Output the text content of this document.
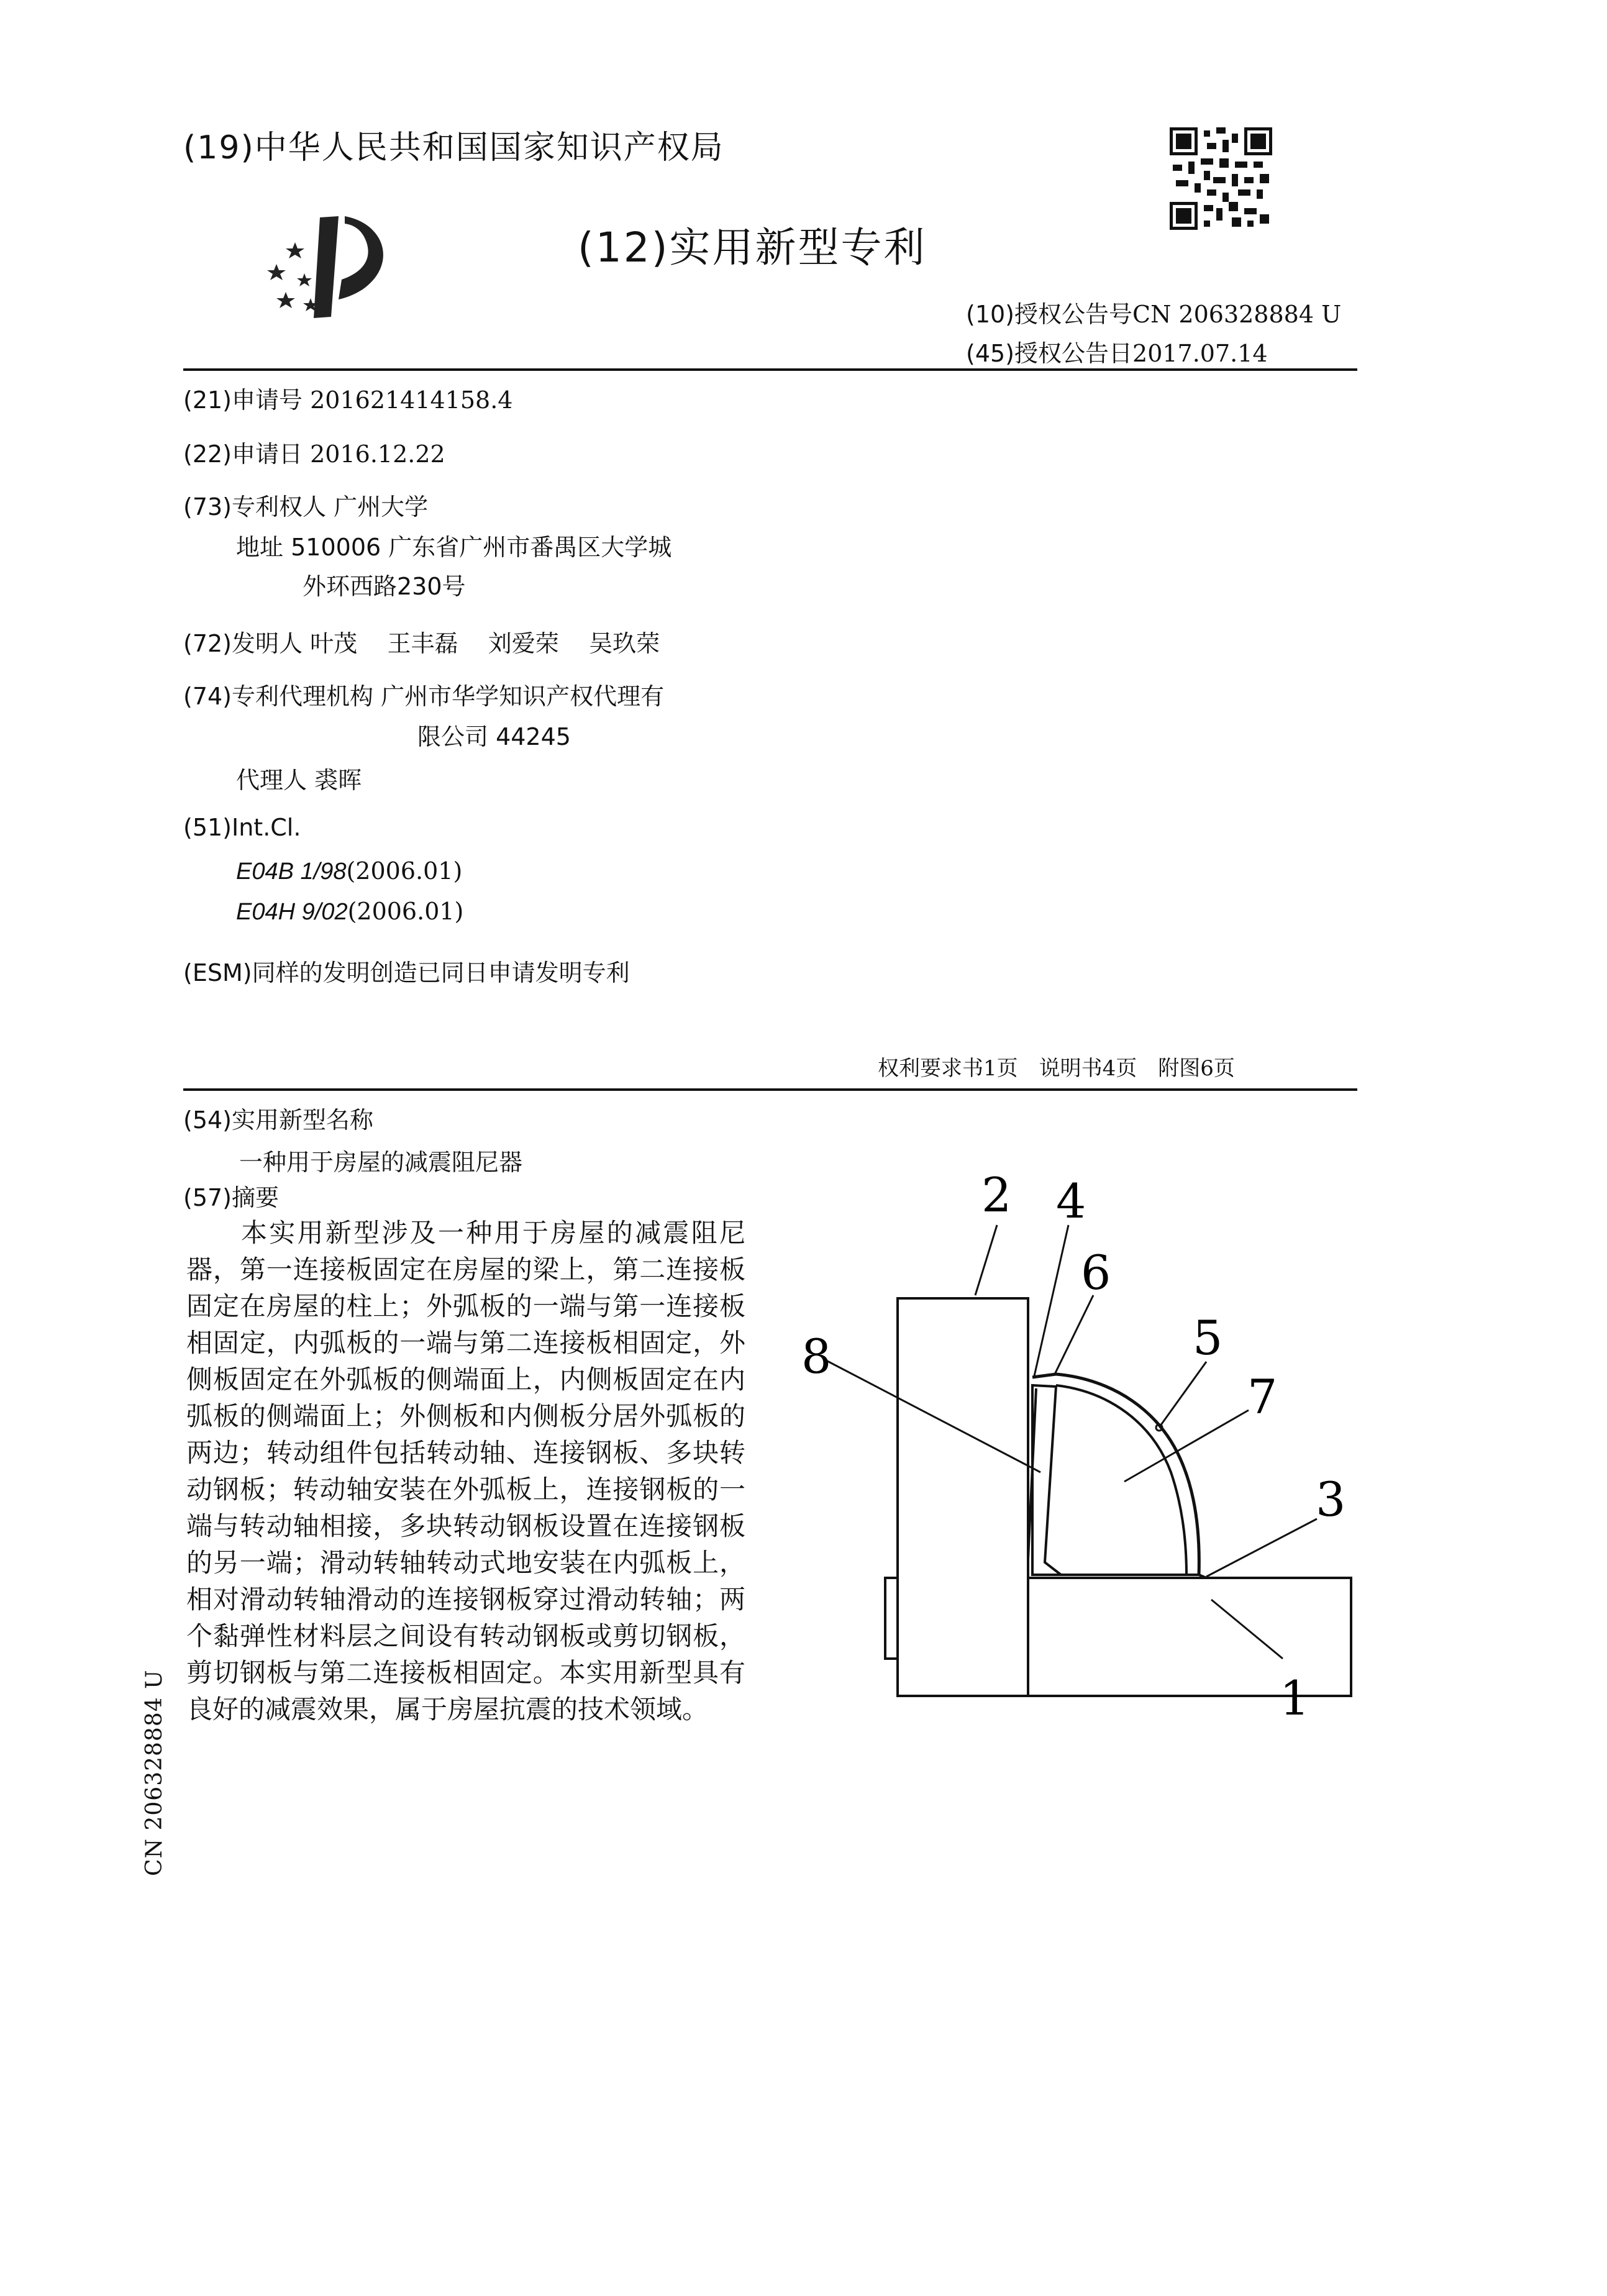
(19)中华人民共和国国家知识产权局
(12)实用新型专利
(10)授权公告号CN 206328884 U
(45)授权公告日2017.07.14
(21)申请号 201621414158.4
(22)申请日 2016.12.22
(73)专利权人 广州大学
地址 510006 广东省广州市番禺区大学城
外环西路230号
(72)发明人 叶茂 王丰磊 刘爱荣 吴玖荣
(74)专利代理机构 广州市华学知识产权代理有
限公司 44245
代理人 裘晖
(51)Int.Cl.
E04B 1/98(2006.01)
E04H 9/02(2006.01)
(ESM)同样的发明创造已同日申请发明专利
权利要求书1页　说明书4页　附图6页
(54)实用新型名称
一种用于房屋的减震阻尼器
(57)摘要
本实用新型涉及一种用于房屋的减震阻尼器，第一连接板固定在房屋的梁上，第二连接板固定在房屋的柱上；外弧板的一端与第一连接板相固定，内弧板的一端与第二连接板相固定，外侧板固定在外弧板的侧端面上，内侧板固定在内弧板的侧端面上；外侧板和内侧板分居外弧板的两边；转动组件包括转动轴、连接钢板、多块转动钢板；转动轴安装在外弧板上，连接钢板的一端与转动轴相接，多块转动钢板设置在连接钢板的另一端；滑动转轴转动式地安装在内弧板上，相对滑动转轴滑动的连接钢板穿过滑动转轴；两个黏弹性材料层之间设有转动钢板或剪切钢板，剪切钢板与第二连接板相固定。本实用新型具有良好的减震效果，属于房屋抗震的技术领域。
CN 206328884 U
2 4
6
5
8
7
3
1
